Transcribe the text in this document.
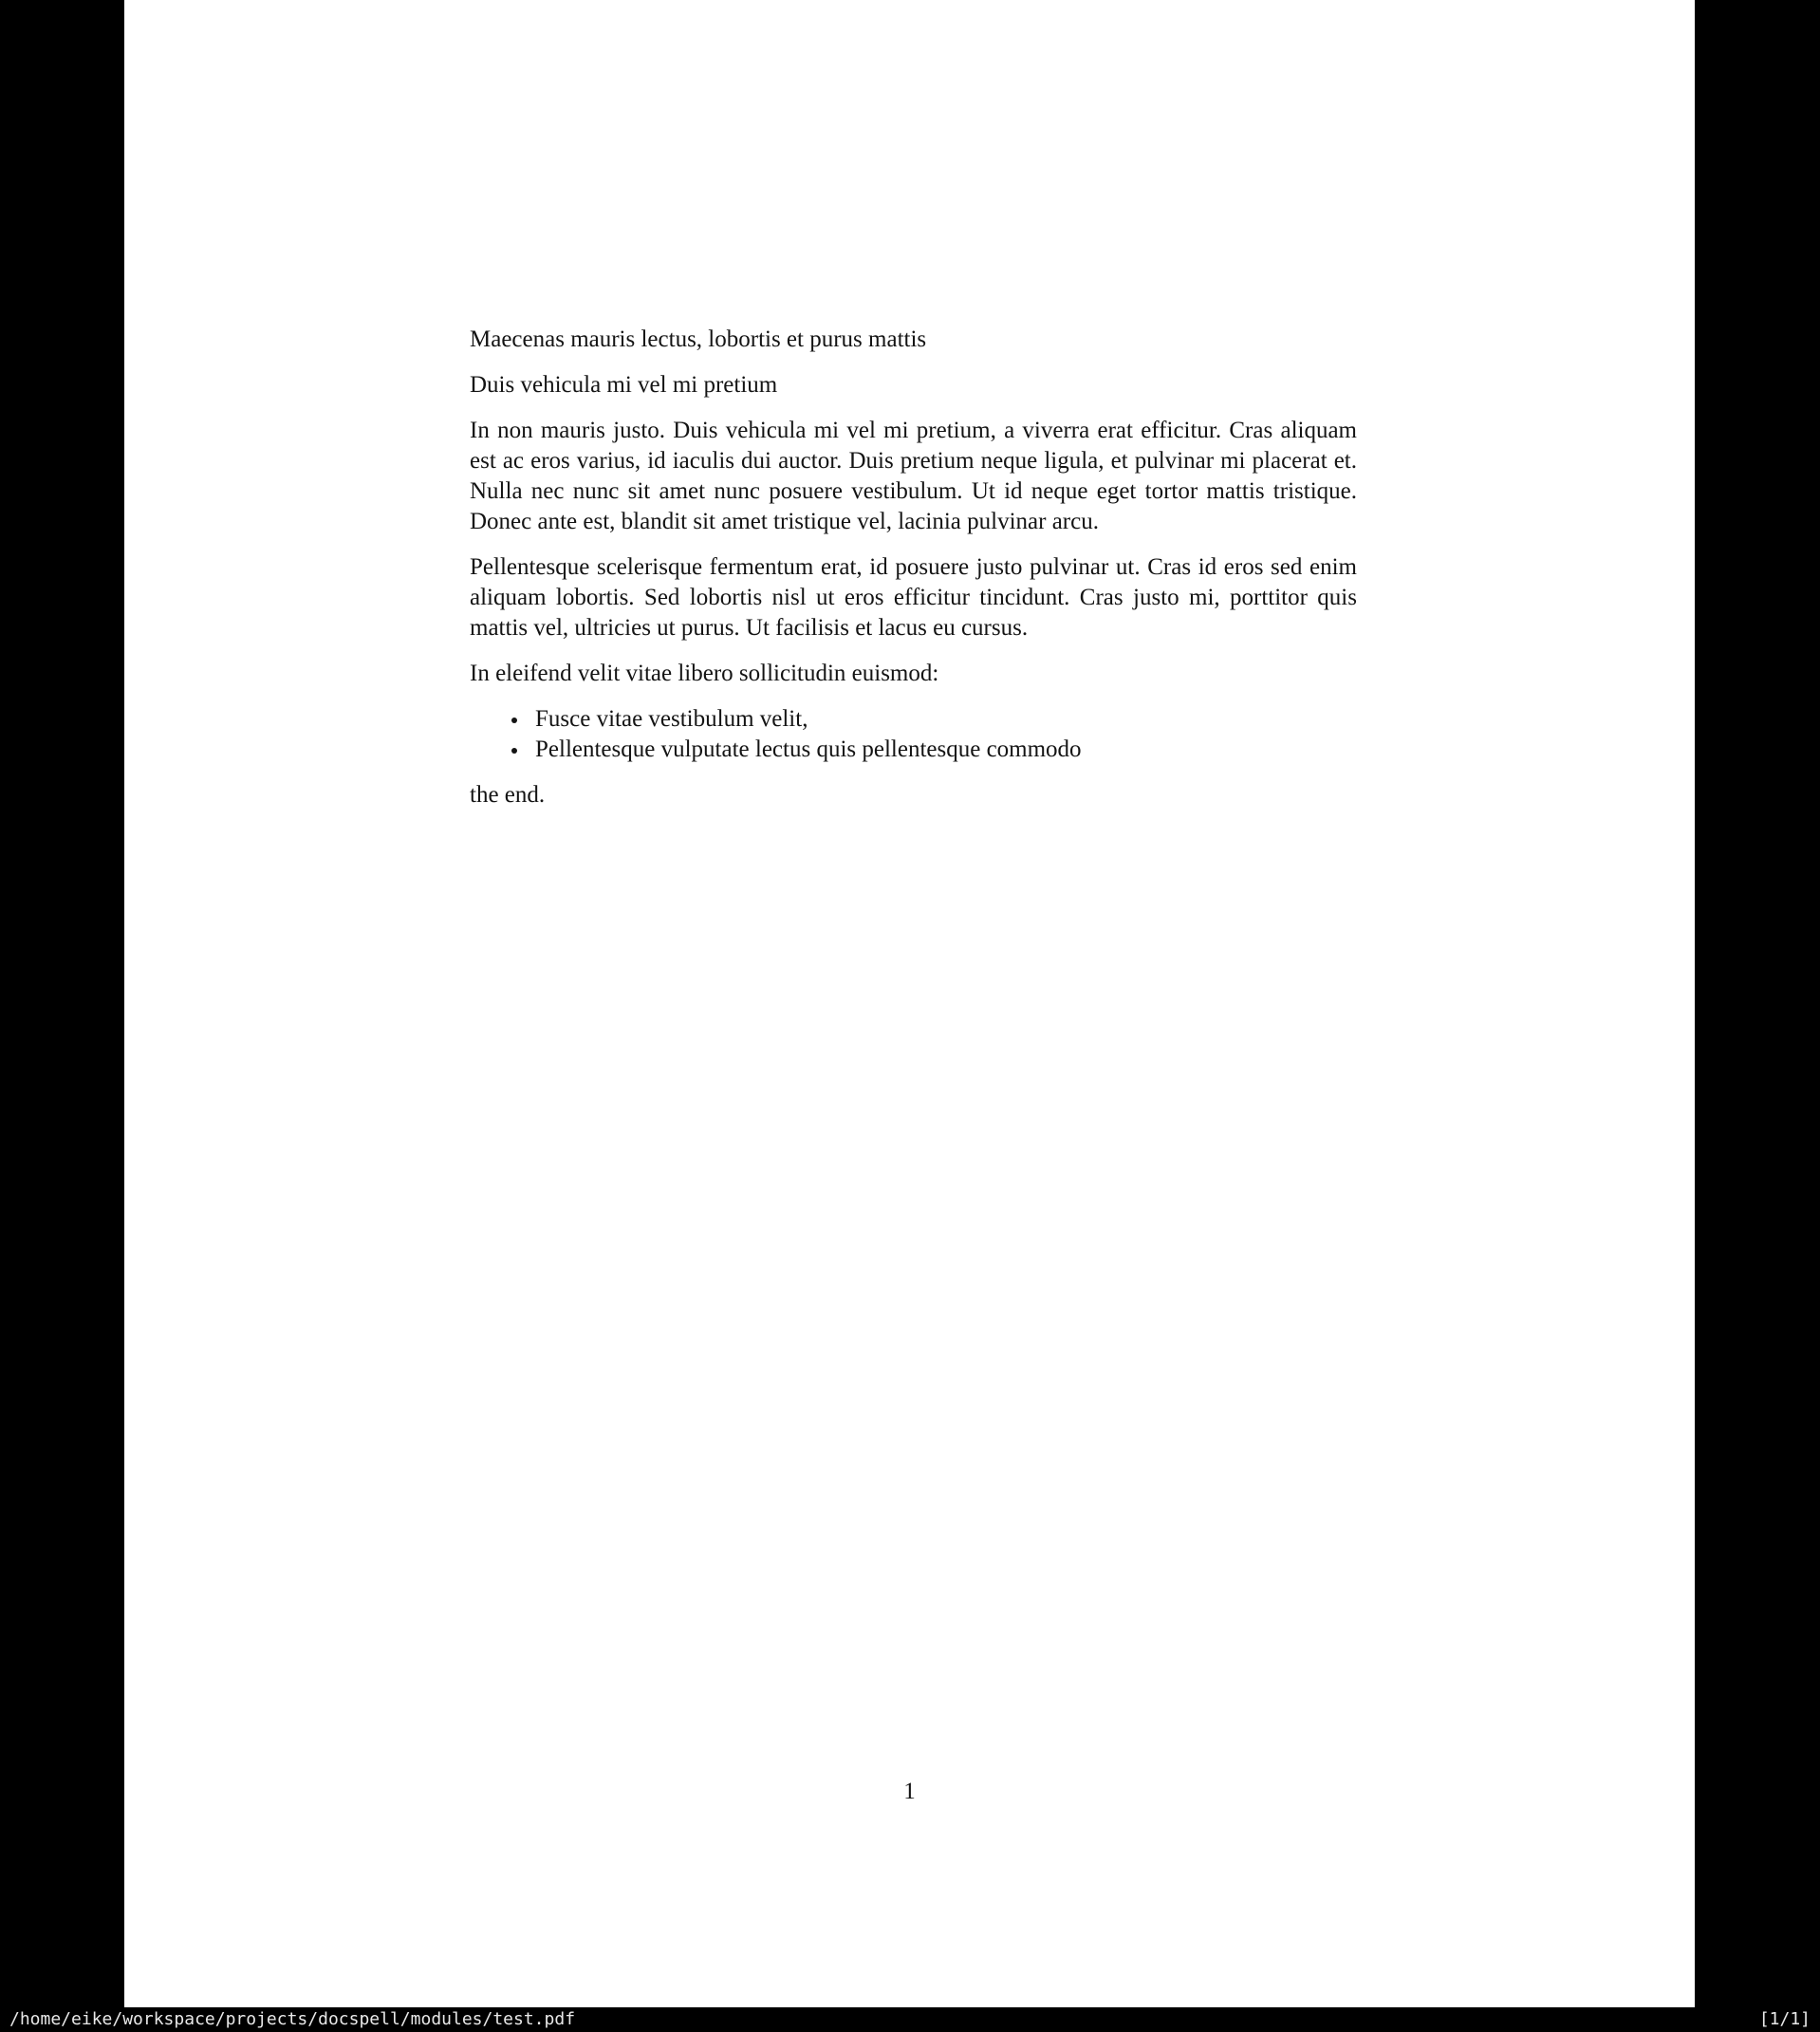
Maecenas mauris lectus, lobortis et purus mattis

Duis vehicula mi vel mi pretium

In non mauris justo. Duis vehicula mi vel mi pretium, a viverra erat efficitur. Cras aliquam est ac eros varius, id iaculis dui auctor. Duis pretium neque ligula, et pulvinar mi placerat et. Nulla nec nunc sit amet nunc posuere vestibulum. Ut id neque eget tortor mattis tristique. Donec ante est, blandit sit amet tristique vel, lacinia pulvinar arcu.

Pellentesque scelerisque fermentum erat, id posuere justo pulvinar ut. Cras id eros sed enim aliquam lobortis. Sed lobortis nisl ut eros efficitur tincidunt. Cras justo mi, porttitor quis mattis vel, ultricies ut purus. Ut facilisis et lacus eu cursus.

In eleifend velit vitae libero sollicitudin euismod:

• Fusce vitae vestibulum velit,
• Pellentesque vulputate lectus quis pellentesque commodo

the end.

1
/home/eike/workspace/projects/docspell/modules/test.pdf	[1/1]
